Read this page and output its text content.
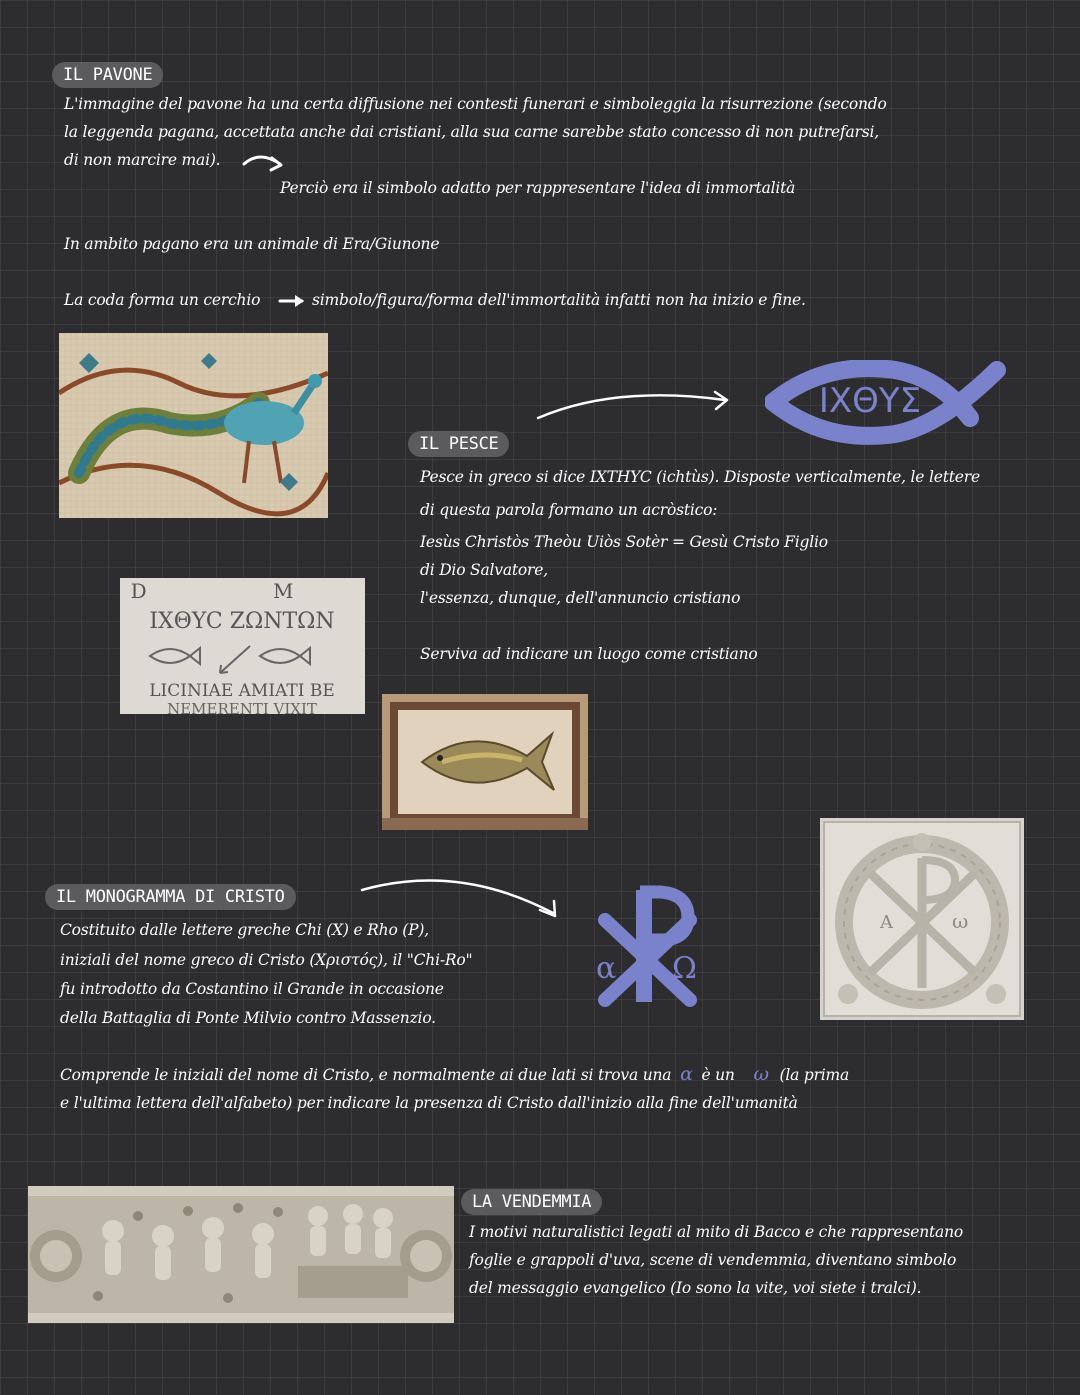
IL PAVONE
L'immagine del pavone ha una certa diffusione nei contesti funerari e simboleggia la risurrezione (secondo
la leggenda pagana, accettata anche dai cristiani, alla sua carne sarebbe stato concesso di non putrefarsi,
di non marcire mai).
Perciò era il simbolo adatto per rappresentare l'idea di immortalità
In ambito pagano era un animale di Era/Giunone
La coda forma un cerchio	simbolo/figura/forma dell'immortalità infatti non ha inizio e fine.
IXΘYΣ
IL PESCE
Pesce in greco si dice IXTHYC (ichtùs). Disposte verticalmente, le lettere
di questa parola formano un acròstico:
Iesùs Christòs Theòu Uiòs Sotèr = Gesù Cristo Figlio
di Dio Salvatore,
l'essenza, dunque, dell'annuncio cristiano
Serviva ad indicare un luogo come cristiano
D M
IXΘYC ZΩNTΩN
LICINIAE AMIATI BE
NEMERENTI VIXIT
IL MONOGRAMMA DI CRISTO
Costituito dalle lettere greche Chi (X) e Rho (P),
iniziali del nome greco di Cristo (Χριστός), il "Chi-Ro"
fu introdotto da Costantino il Grande in occasione
della Battaglia di Ponte Milvio contro Massenzio.
α Ω
A	ω
Comprende le iniziali del nome di Cristo, e normalmente ai due lati si trova una α è un ω (la prima
e l'ultima lettera dell'alfabeto) per indicare la presenza di Cristo dall'inizio alla fine dell'umanità
LA VENDEMMIA
I motivi naturalistici legati al mito di Bacco e che rappresentano
foglie e grappoli d'uva, scene di vendemmia, diventano simbolo
del messaggio evangelico (Io sono la vite, voi siete i tralci).
